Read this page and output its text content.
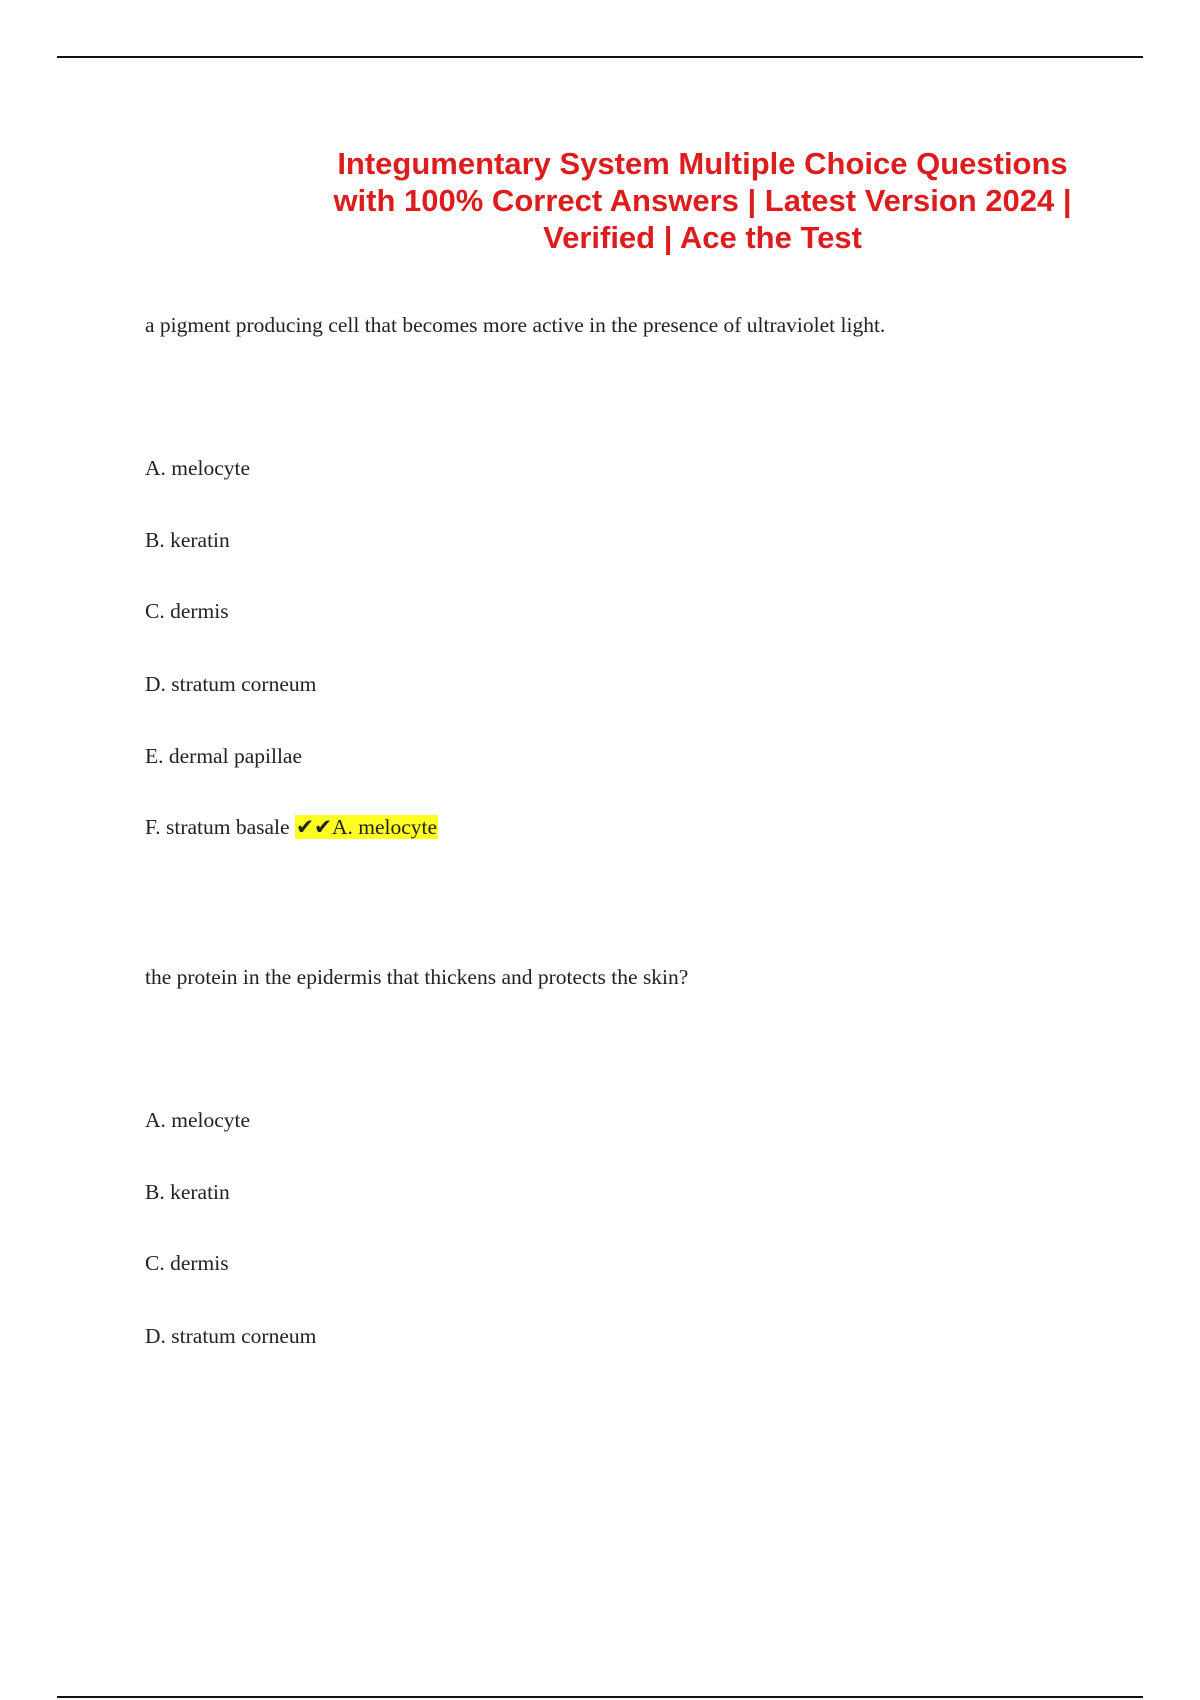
Integumentary System Multiple Choice Questions
with 100% Correct Answers | Latest Version 2024 |
Verified | Ace the Test
a pigment producing cell that becomes more active in the presence of ultraviolet light.
A. melocyte
B. keratin
C. dermis
D. stratum corneum
E. dermal papillae
F. stratum basale ✔✔A. melocyte
the protein in the epidermis that thickens and protects the skin?
A. melocyte
B. keratin
C. dermis
D. stratum corneum
